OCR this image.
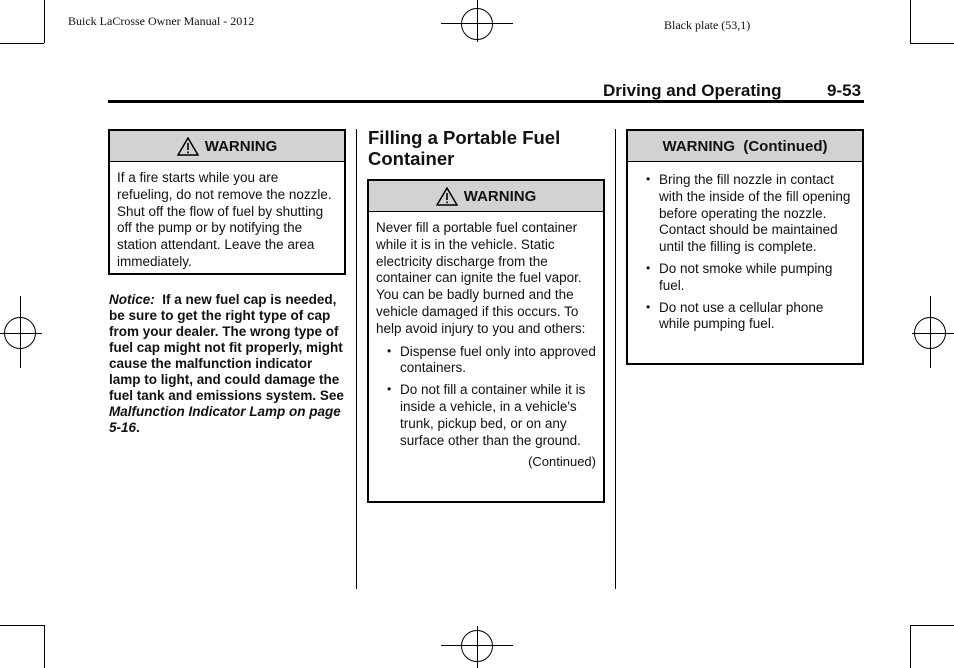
Buick LaCrosse Owner Manual - 2012	Black plate (53,1)
Driving and Operating	9-53
WARNING
If a fire starts while you are refueling, do not remove the nozzle. Shut off the flow of fuel by shutting off the pump or by notifying the station attendant. Leave the area immediately.
Notice: If a new fuel cap is needed, be sure to get the right type of cap from your dealer. The wrong type of fuel cap might not fit properly, might cause the malfunction indicator lamp to light, and could damage the fuel tank and emissions system. See Malfunction Indicator Lamp on page 5-16.
Filling a Portable Fuel Container
WARNING
Never fill a portable fuel container while it is in the vehicle. Static electricity discharge from the container can ignite the fuel vapor. You can be badly burned and the vehicle damaged if this occurs. To help avoid injury to you and others:
• Dispense fuel only into approved containers.
• Do not fill a container while it is inside a vehicle, in a vehicle's trunk, pickup bed, or on any surface other than the ground.
(Continued)
WARNING  (Continued)
• Bring the fill nozzle in contact with the inside of the fill opening before operating the nozzle. Contact should be maintained until the filling is complete.
• Do not smoke while pumping fuel.
• Do not use a cellular phone while pumping fuel.
